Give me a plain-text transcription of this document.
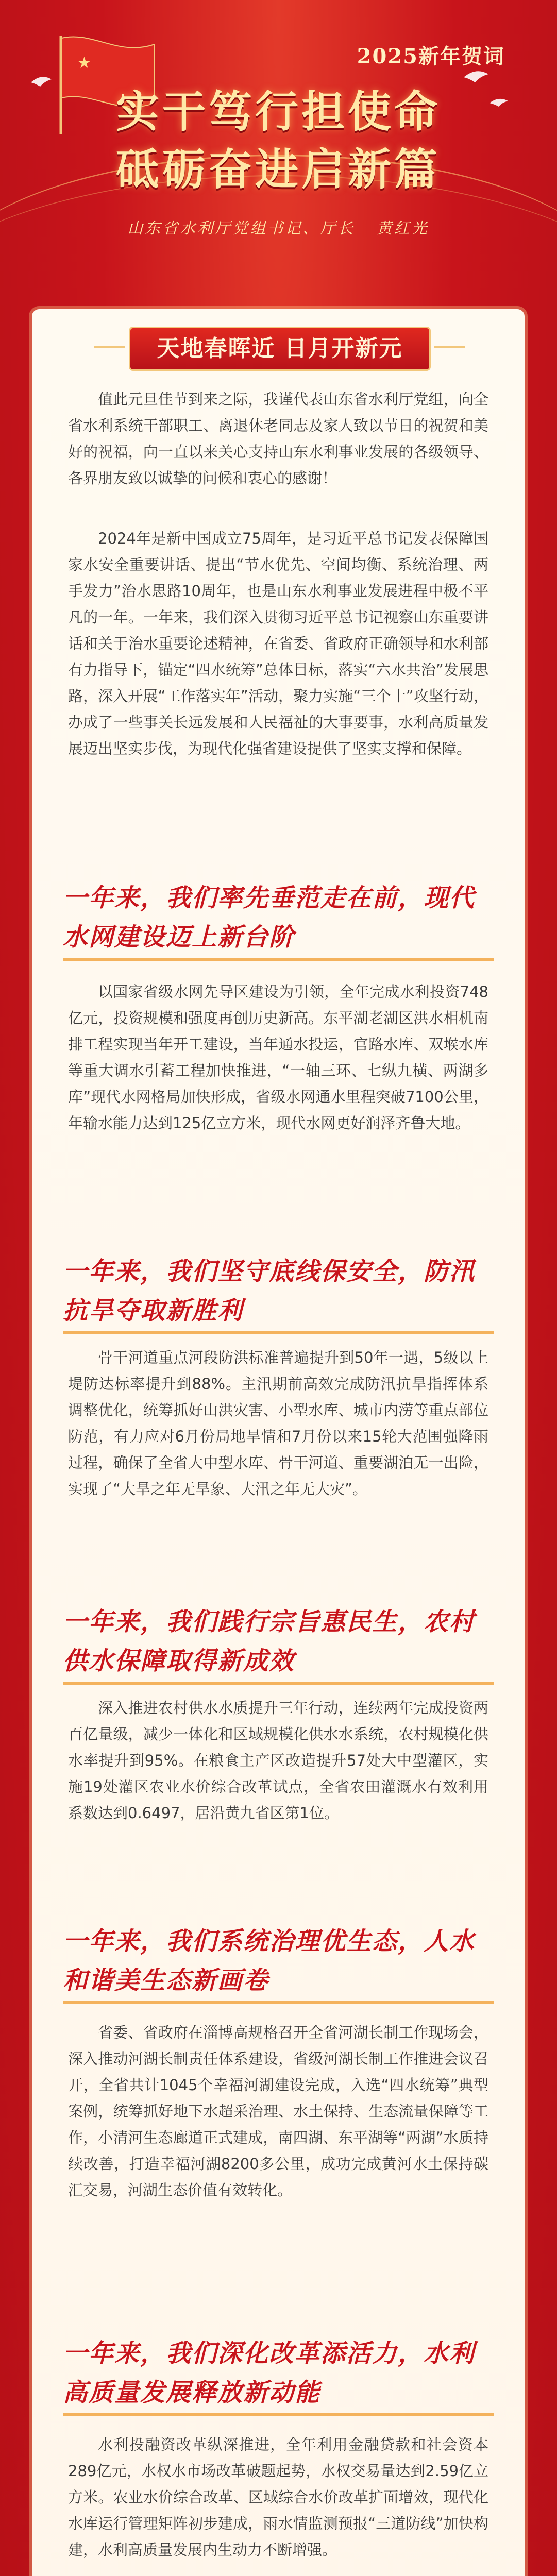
★	2025新年贺词
实干笃行担使命
砥砺奋进启新篇
山东省水利厅党组书记、厅长 黄红光
天地春晖近 日月开新元

值此元旦佳节到来之际，我谨代表山东省水利厅党组，向全省水利系统干部职工、离退休老同志及家人致以节日的祝贺和美好的祝福，向一直以来关心支持山东水利事业发展的各级领导、各界朋友致以诚挚的问候和衷心的感谢！

2024年是新中国成立75周年，是习近平总书记发表保障国家水安全重要讲话、提出“节水优先、空间均衡、系统治理、两手发力”治水思路10周年，也是山东水利事业发展进程中极不平凡的一年。一年来，我们深入贯彻习近平总书记视察山东重要讲话和关于治水重要论述精神，在省委、省政府正确领导和水利部有力指导下，锚定“四水统筹”总体目标，落实“六水共治”发展思路，深入开展“工作落实年”活动，聚力实施“三个十”攻坚行动，办成了一些事关长远发展和人民福祉的大事要事，水利高质量发展迈出坚实步伐，为现代化强省建设提供了坚实支撑和保障。

一年来，我们率先垂范走在前，现代水网建设迈上新台阶

以国家省级水网先导区建设为引领，全年完成水利投资748亿元，投资规模和强度再创历史新高。东平湖老湖区洪水相机南排工程实现当年开工建设，当年通水投运，官路水库、双堠水库等重大调水引蓄工程加快推进，“一轴三环、七纵九横、两湖多库”现代水网格局加快形成，省级水网通水里程突破7100公里，年输水能力达到125亿立方米，现代水网更好润泽齐鲁大地。

一年来，我们坚守底线保安全，防汛抗旱夺取新胜利

骨干河道重点河段防洪标准普遍提升到50年一遇，5级以上堤防达标率提升到88%。主汛期前高效完成防汛抗旱指挥体系调整优化，统筹抓好山洪灾害、小型水库、城市内涝等重点部位防范，有力应对6月份局地旱情和7月份以来15轮大范围强降雨过程，确保了全省大中型水库、骨干河道、重要湖泊无一出险，实现了“大旱之年无旱象、大汛之年无大灾”。

一年来，我们践行宗旨惠民生，农村供水保障取得新成效

深入推进农村供水水质提升三年行动，连续两年完成投资两百亿量级，减少一体化和区域规模化供水水系统，农村规模化供水率提升到95%。在粮食主产区改造提升57处大中型灌区，实施19处灌区农业水价综合改革试点，全省农田灌溉水有效利用系数达到0.6497，居沿黄九省区第1位。

一年来，我们系统治理优生态，人水和谐美生态新画卷

省委、省政府在淄博高规格召开全省河湖长制工作现场会，深入推动河湖长制责任体系建设，省级河湖长制工作推进会议召开，全省共计1045个幸福河湖建设完成，入选“四水统筹”典型案例，统筹抓好地下水超采治理、水土保持、生态流量保障等工作，小清河生态廊道正式建成，南四湖、东平湖等“两湖”水质持续改善，打造幸福河湖8200多公里，成功完成黄河水土保持碳汇交易，河湖生态价值有效转化。

一年来，我们深化改革添活力，水利高质量发展释放新动能

水利投融资改革纵深推进，全年利用金融贷款和社会资本289亿元，水权水市场改革破题起势，水权交易量达到2.59亿立方米。农业水价综合改革、区域综合水价改革扩面增效，现代化水库运行管理矩阵初步建成，雨水情监测预报“三道防线”加快构建，水利高质量发展内生动力不断增强。
